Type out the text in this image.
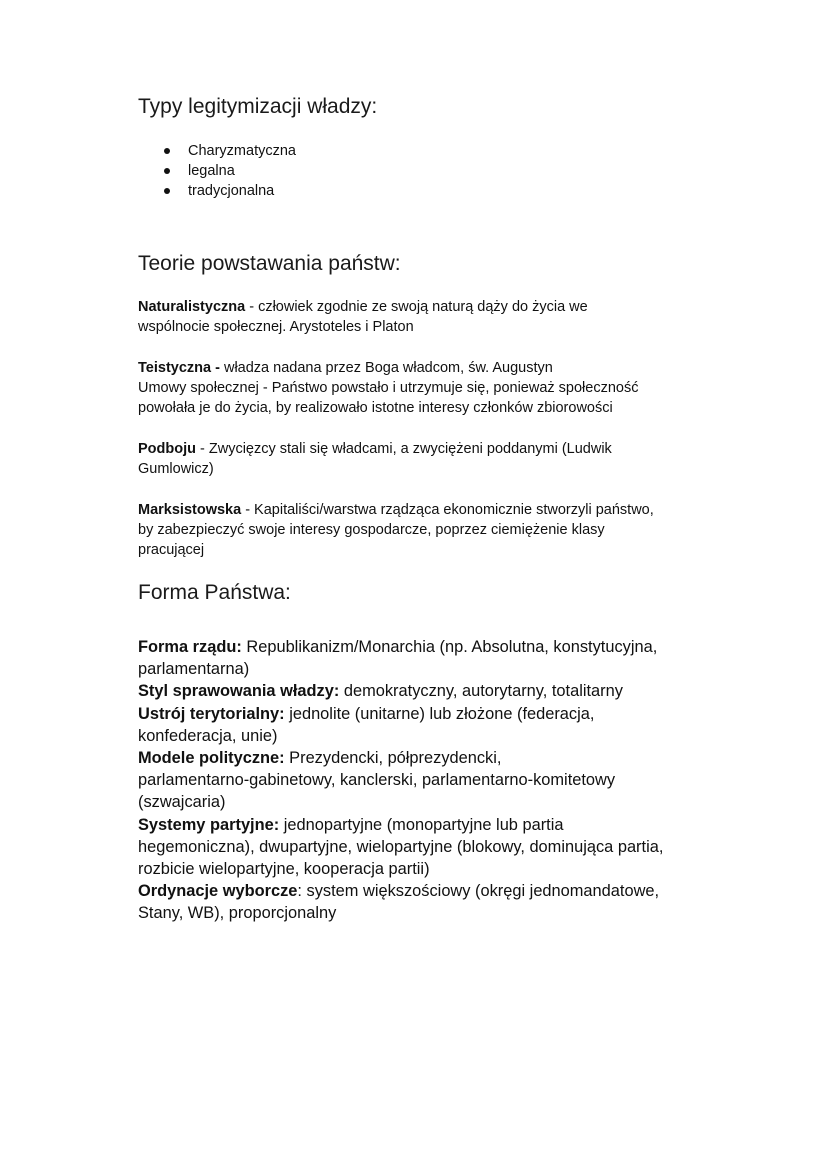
Typy legitymizacji władzy:
Charyzmatyczna
legalna
tradycjonalna
Teorie powstawania państw:
Naturalistyczna - człowiek zgodnie ze swoją naturą dąży do życia we
wspólnocie społecznej. Arystoteles i Platon
Teistyczna - władza nadana przez Boga władcom, św. Augustyn
Umowy społecznej - Państwo powstało i utrzymuje się, ponieważ społeczność
powołała je do życia, by realizowało istotne interesy członków zbiorowości
Podboju - Zwycięzcy stali się władcami, a zwyciężeni poddanymi (Ludwik
Gumlowicz)
Marksistowska - Kapitaliści/warstwa rządząca ekonomicznie stworzyli państwo,
by zabezpieczyć swoje interesy gospodarcze, poprzez ciemiężenie klasy
pracującej
Forma Państwa:
Forma rządu: Republikanizm/Monarchia (np. Absolutna, konstytucyjna,
parlamentarna)
Styl sprawowania władzy: demokratyczny, autorytarny, totalitarny
Ustrój terytorialny: jednolite (unitarne) lub złożone (federacja,
konfederacja, unie)
Modele polityczne: Prezydencki, półprezydencki,
parlamentarno-gabinetowy, kanclerski, parlamentarno-komitetowy
(szwajcaria)
Systemy partyjne: jednopartyjne (monopartyjne lub partia
hegemoniczna), dwupartyjne, wielopartyjne (blokowy, dominująca partia,
rozbicie wielopartyjne, kooperacja partii)
Ordynacje wyborcze: system większościowy (okręgi jednomandatowe,
Stany, WB), proporcjonalny
